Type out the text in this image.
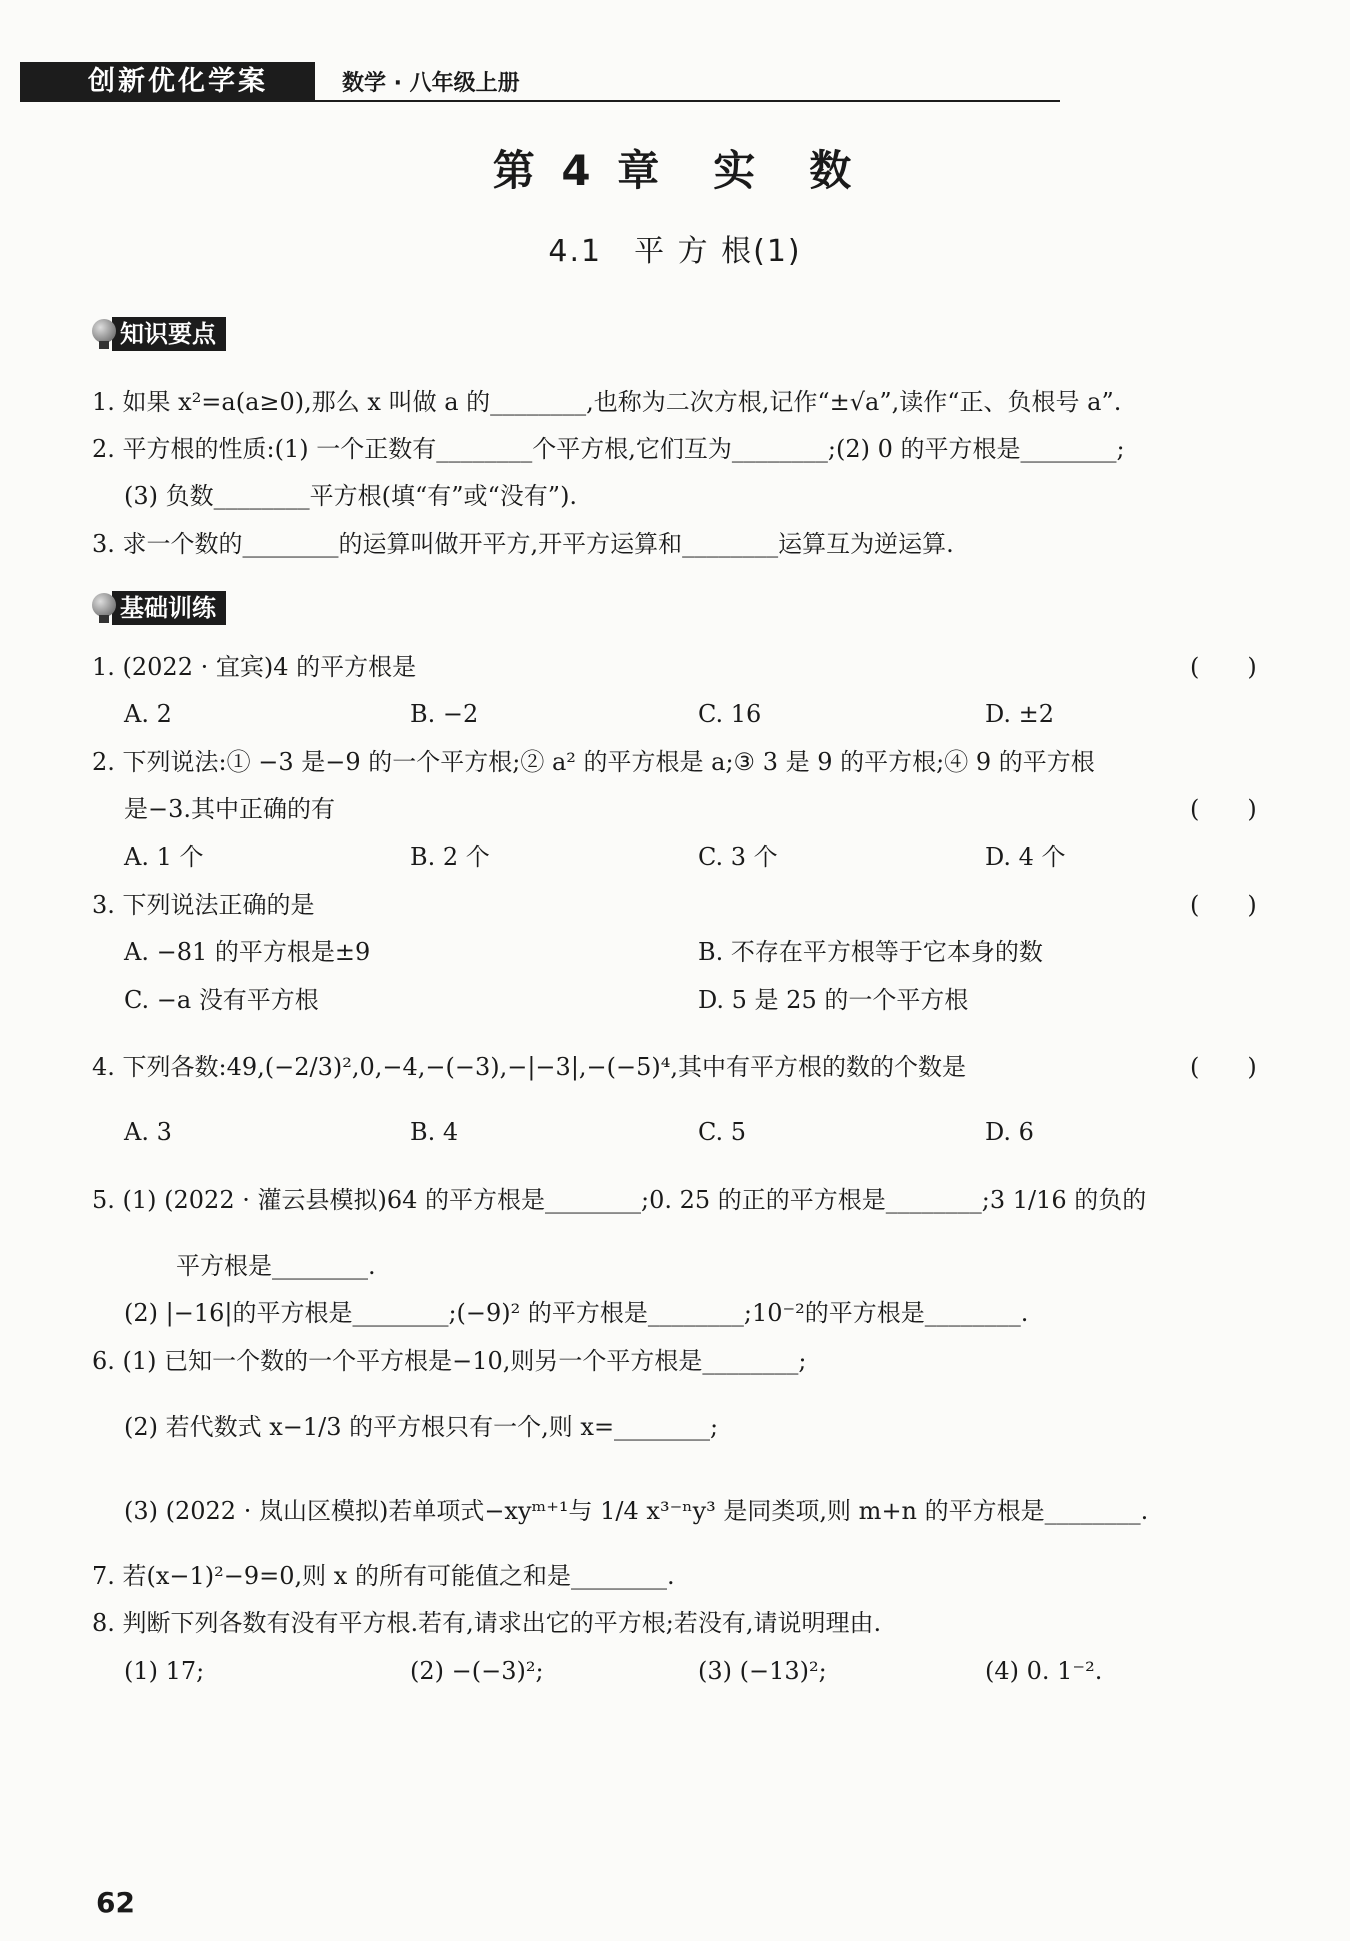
创新优化学案	数学 · 八年级上册
第 4 章　实　数
4.1　平 方 根(1)
知识要点
1. 如果 x²=a(a≥0),那么 x 叫做 a 的________,也称为二次方根,记作“±√a”,读作“正、负根号 a”.
2. 平方根的性质:(1) 一个正数有________个平方根,它们互为________;(2) 0 的平方根是________;
(3) 负数________平方根(填“有”或“没有”).
3. 求一个数的________的运算叫做开平方,开平方运算和________运算互为逆运算.
基础训练
1. (2022 · 宜宾)4 的平方根是	(　　)
A. 2	B. −2	C. 16	D. ±2
2. 下列说法:① −3 是−9 的一个平方根;② a² 的平方根是 a;③ 3 是 9 的平方根;④ 9 的平方根
是−3.其中正确的有	(　　)
A. 1 个	B. 2 个	C. 3 个	D. 4 个
3. 下列说法正确的是	(　　)
A. −81 的平方根是±9	B. 不存在平方根等于它本身的数
C. −a 没有平方根	D. 5 是 25 的一个平方根
4. 下列各数:49,(−2/3)²,0,−4,−(−3),−|−3|,−(−5)⁴,其中有平方根的数的个数是	(　　)
A. 3	B. 4	C. 5	D. 6
5. (1) (2022 · 灌云县模拟)64 的平方根是________;0. 25 的正的平方根是________;3 1/16 的负的
平方根是________.
(2) |−16|的平方根是________;(−9)² 的平方根是________;10⁻²的平方根是________.
6. (1) 已知一个数的一个平方根是−10,则另一个平方根是________;
(2) 若代数式 x−1/3 的平方根只有一个,则 x=________;
(3) (2022 · 岚山区模拟)若单项式−xyᵐ⁺¹与 1/4 x³⁻ⁿy³ 是同类项,则 m+n 的平方根是________.
7. 若(x−1)²−9=0,则 x 的所有可能值之和是________.
8. 判断下列各数有没有平方根.若有,请求出它的平方根;若没有,请说明理由.
(1) 17;	(2) −(−3)²;	(3) (−13)²;	(4) 0. 1⁻².
62
